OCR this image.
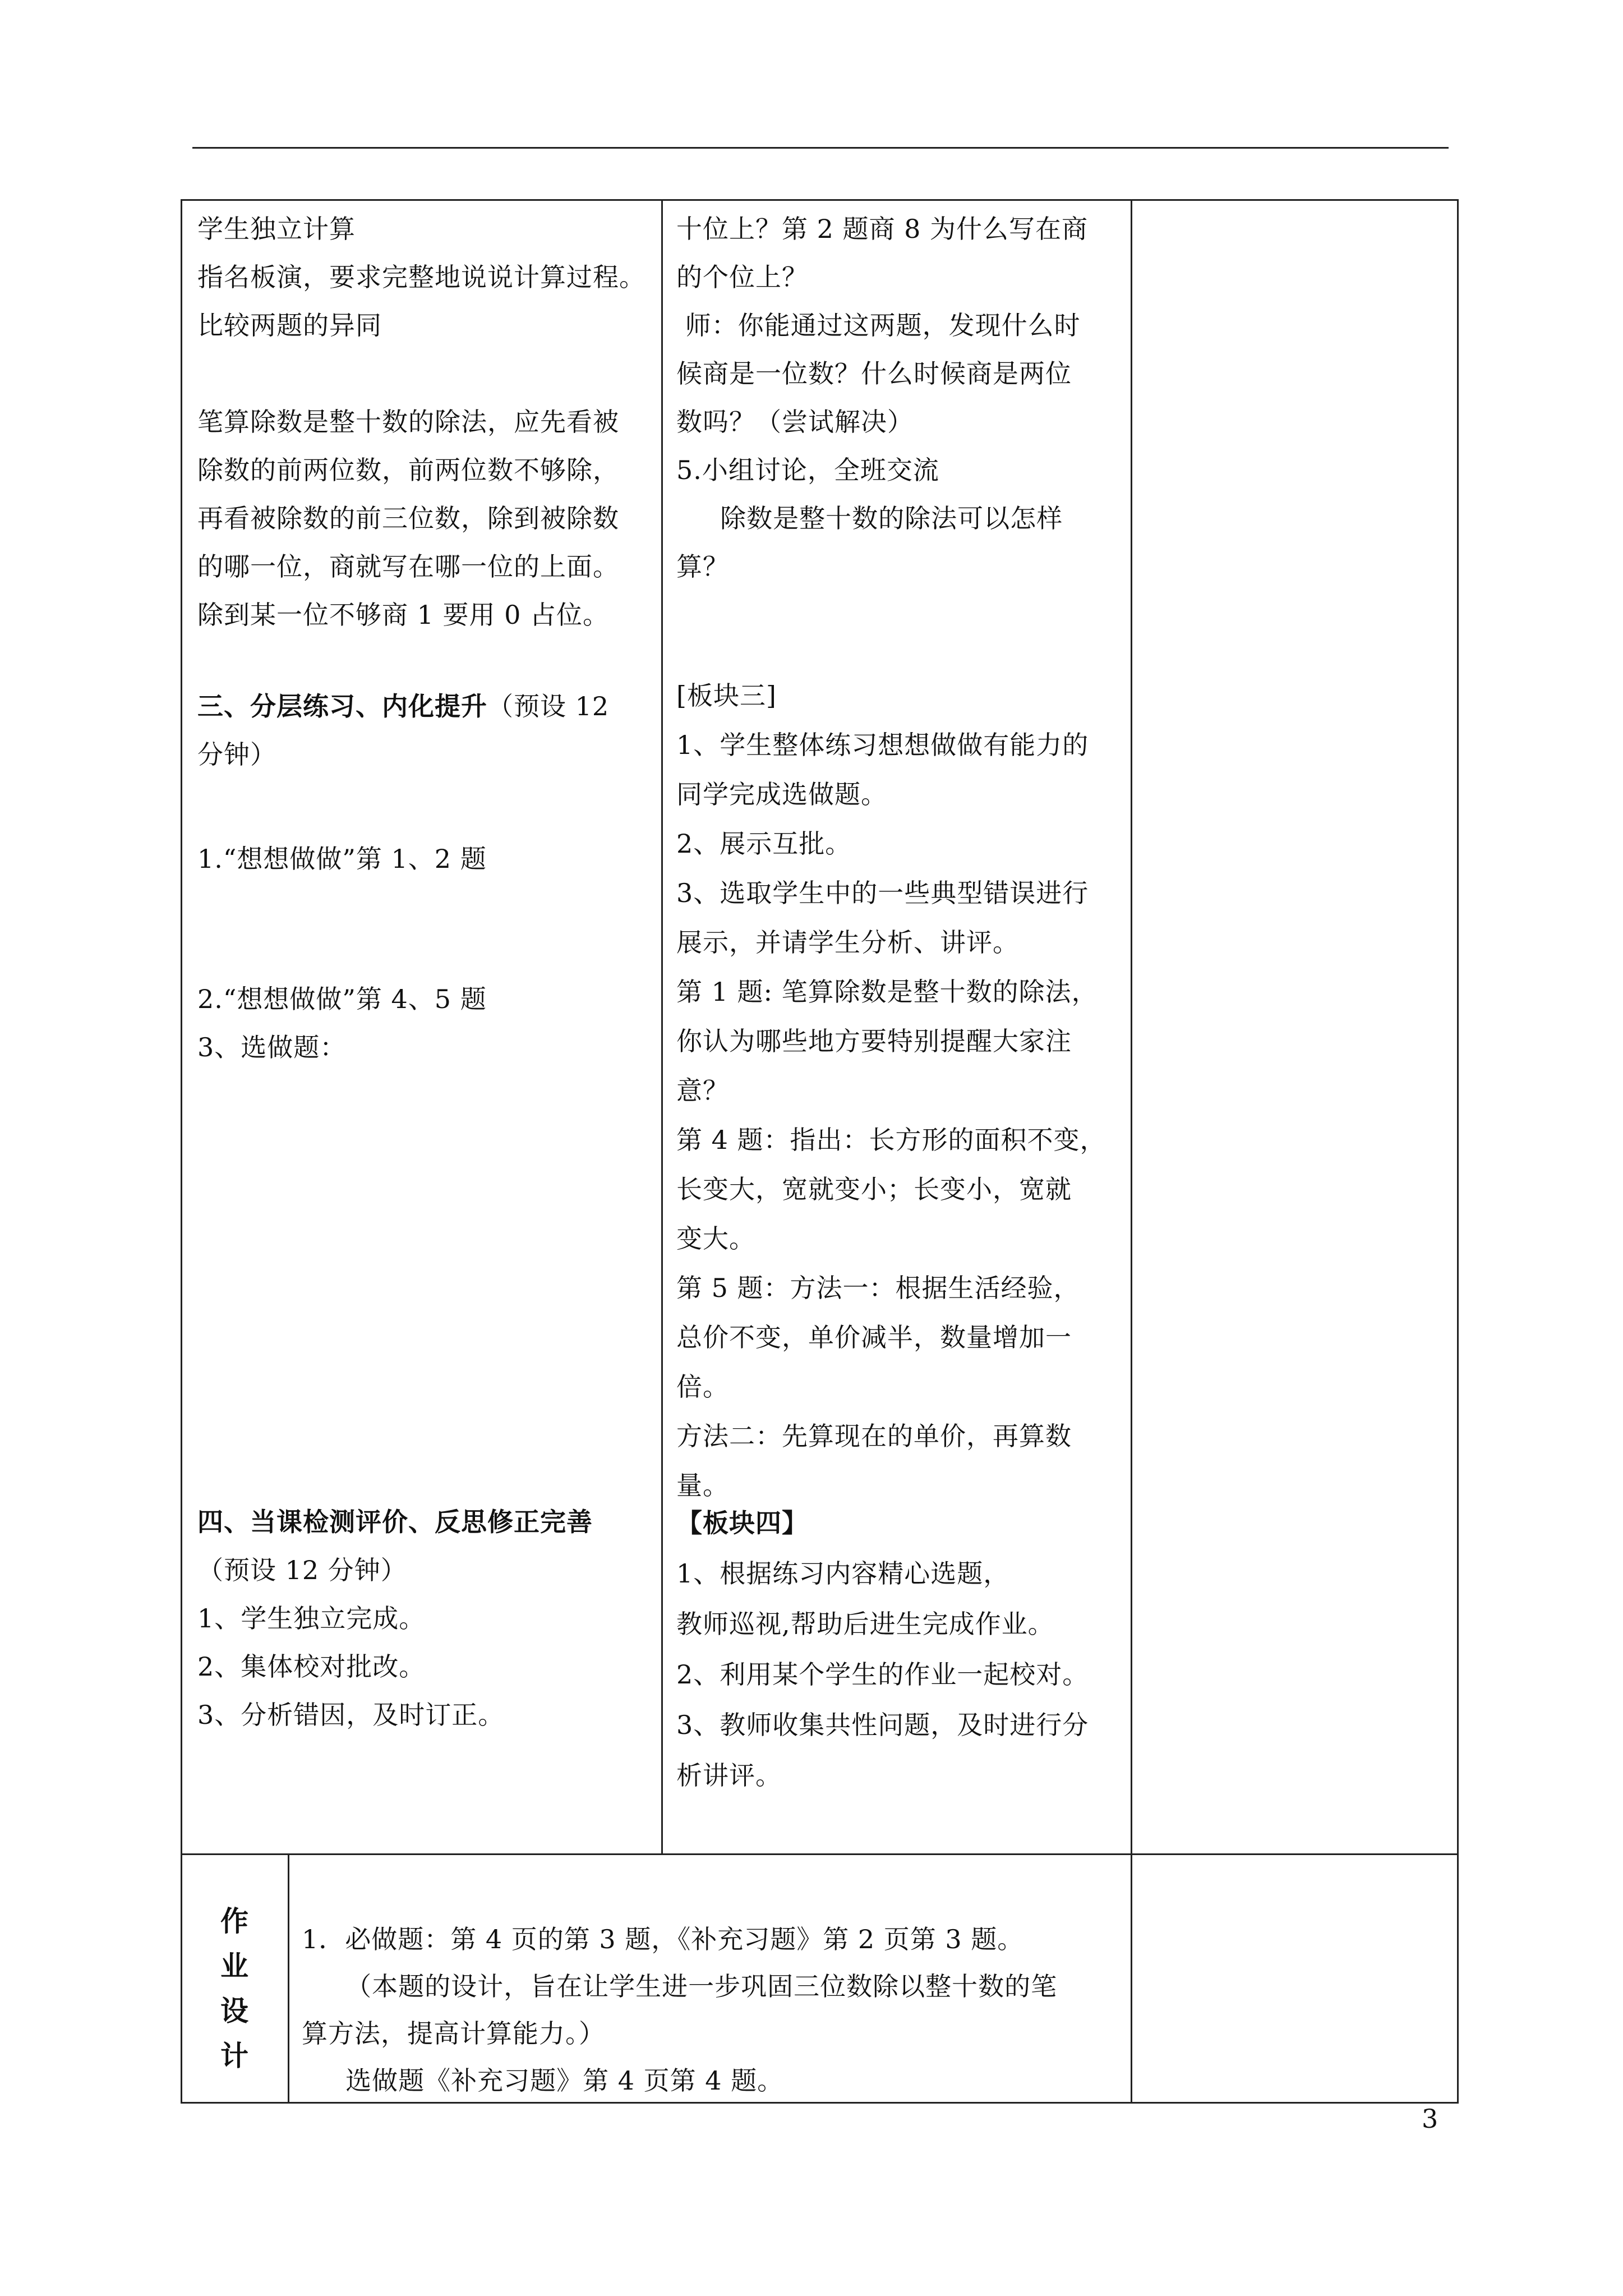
学生独立计算

指名板演，要求完整地说说计算过程。

比较两题的异同

笔算除数是整十数的除法，应先看被

除数的前两位数，前两位数不够除，

再看被除数的前三位数，除到被除数

的哪一位，商就写在哪一位的上面。

除到某一位不够商 1 要用 0 占位。

三、分层练习、内化提升（预设 12

分钟）

1.“想想做做”第 1、2 题

2.“想想做做”第 4、5 题

3、选做题：

四、当课检测评价、反思修正完善

（预设 12 分钟）

1、学生独立完成。

2、集体校对批改。

3、分析错因，及时订正。

十位上？第 2 题商 8 为什么写在商

的个位上？

师：你能通过这两题，发现什么时

候商是一位数？什么时候商是两位

数吗？（尝试解决）

5.小组讨论，全班交流

除数是整十数的除法可以怎样

算？

[板块三]

1、学生整体练习想想做做有能力的

同学完成选做题。

2、展示互批。

3、选取学生中的一些典型错误进行

展示，并请学生分析、讲评。

第 1 题: 笔算除数是整十数的除法，

你认为哪些地方要特别提醒大家注

意？

第 4 题：指出：长方形的面积不变，

长变大，宽就变小；长变小，宽就

变大。

第 5 题：方法一：根据生活经验，

总价不变，单价减半，数量增加一

倍。

方法二：先算现在的单价，再算数

量。

【板块四】

1、根据练习内容精心选题，

教师巡视,帮助后进生完成作业。

2、利用某个学生的作业一起校对。

3、教师收集共性问题，及时进行分

析讲评。

作
业
设
计

1．必做题：第 4 页的第 3 题，《补充习题》第 2 页第 3 题。

（本题的设计，旨在让学生进一步巩固三位数除以整十数的笔

算方法，提高计算能力。）

选做题《补充习题》第 4 页第 4 题。

3
